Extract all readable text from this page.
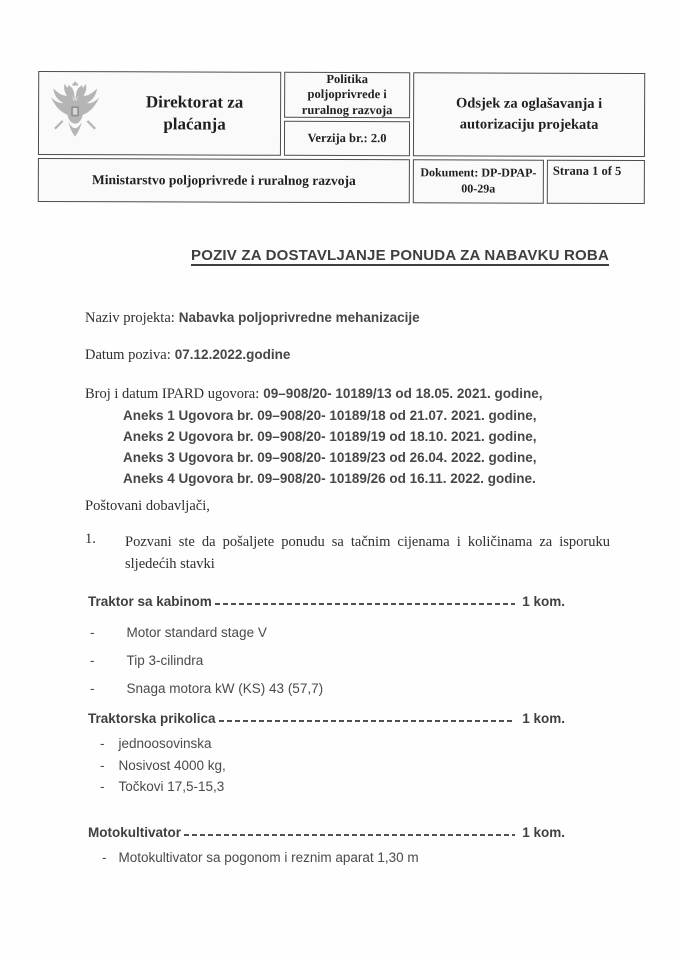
Direktorat za plaćanja
Politika poljoprivrede i ruralnog razvoja
Verzija br.: 2.0
Odsjek za oglašavanja i autorizaciju projekata
Ministarstvo poljoprivrede i ruralnog razvoja	Dokument: DP-DPAP-00-29a
Strana 1 of 5
POZIV ZA DOSTAVLJANJE PONUDA ZA NABAVKU ROBA
Naziv projekta: Nabavka poljoprivredne mehanizacije
Datum poziva: 07.12.2022.godine
Broj i datum IPARD ugovora: 09–908/20- 10189/13 od 18.05. 2021. godine,
Aneks 1 Ugovora br. 09–908/20- 10189/18 od 21.07. 2021. godine,
Aneks 2 Ugovora br. 09–908/20- 10189/19 od 18.10. 2021. godine,
Aneks 3 Ugovora br. 09–908/20- 10189/23 od 26.04. 2022. godine,
Aneks 4 Ugovora br. 09–908/20- 10189/26 od 16.11. 2022. godine.
Poštovani dobavljači,
1.	Pozvani ste da pošaljete ponudu sa tačnim cijenama i količinama za isporuku sljedećih stavki
Traktor sa kabinom	1 kom.
- Motor standard stage V
- Tip 3-cilindra
- Snaga motora kW (KS) 43 (57,7)
Traktorska prikolica	1 kom.
- jednoosovinska
- Nosivost 4000 kg,
- Točkovi 17,5-15,3
Motokultivator	1 kom.
- Motokultivator sa pogonom i reznim aparat 1,30 m
